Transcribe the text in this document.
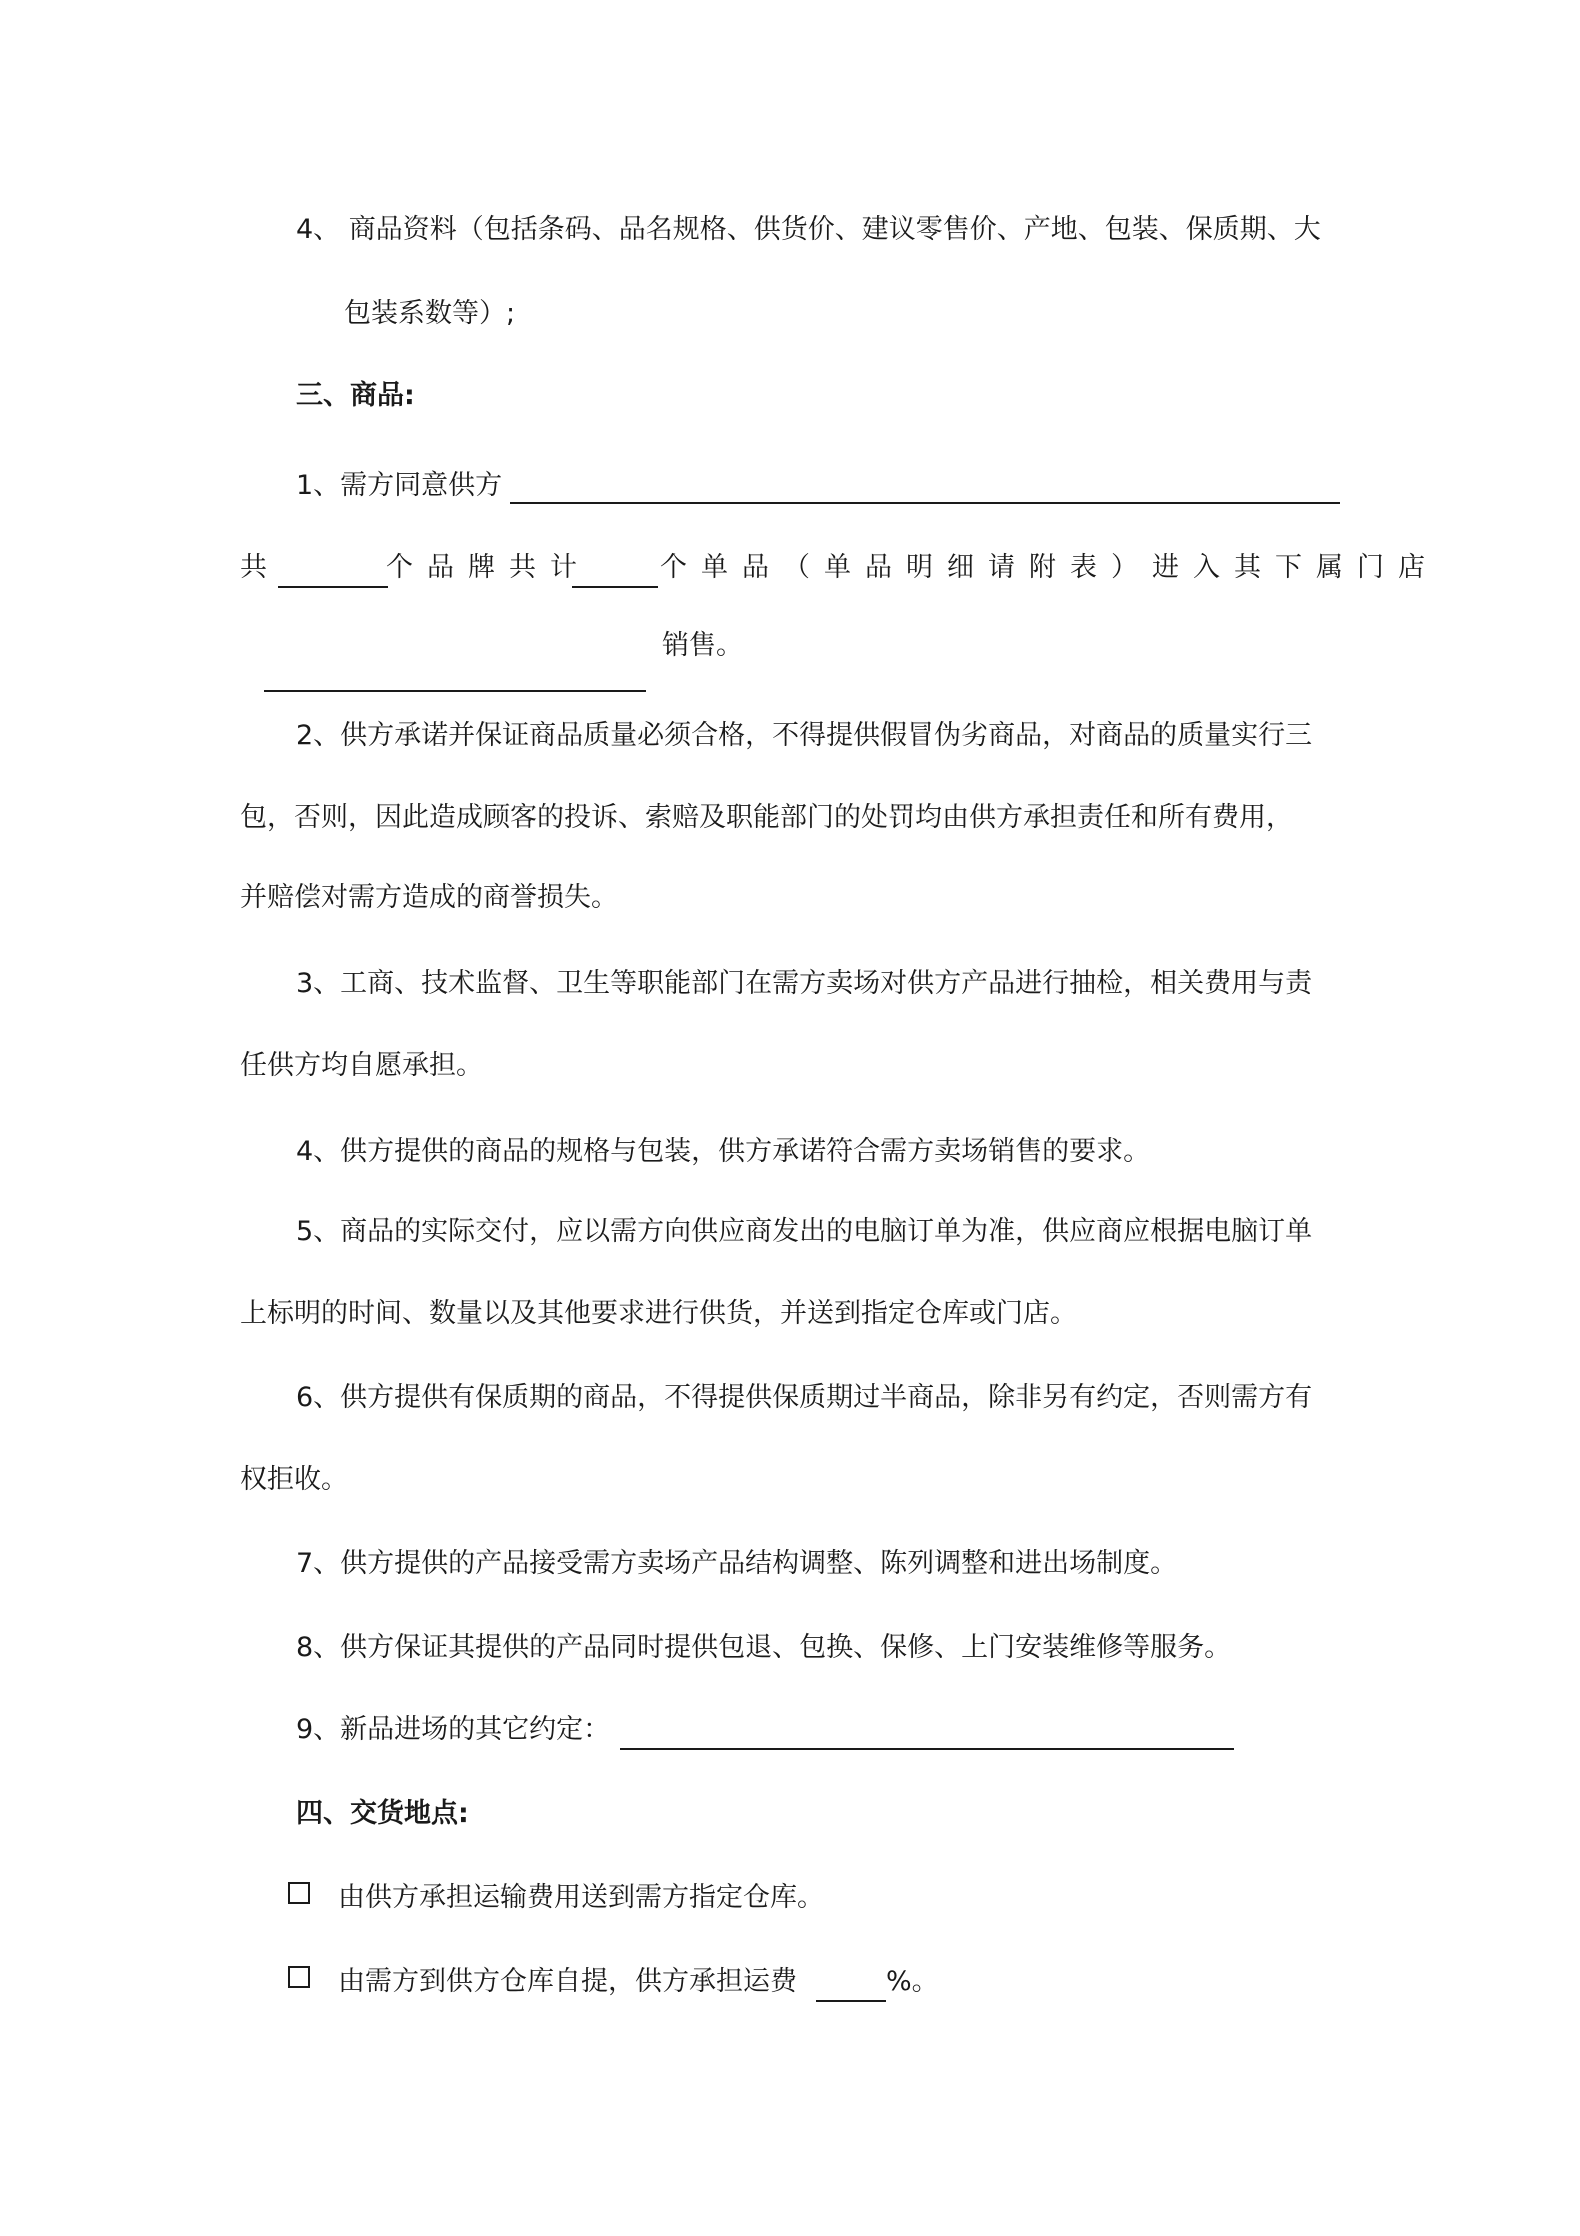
4、 商品资料（包括条码、品名规格、供货价、建议零售价、产地、包装、保质期、大
包装系数等）;
三、商品:
1、需方同意供方
共	个品牌共计	个单品（单品明细请附表）进入其下属门店
销售。
2、供方承诺并保证商品质量必须合格，不得提供假冒伪劣商品，对商品的质量实行三
包，否则，因此造成顾客的投诉、索赔及职能部门的处罚均由供方承担责任和所有费用，
并赔偿对需方造成的商誉损失。
3、工商、技术监督、卫生等职能部门在需方卖场对供方产品进行抽检，相关费用与责
任供方均自愿承担。
4、供方提供的商品的规格与包装，供方承诺符合需方卖场销售的要求。
5、商品的实际交付，应以需方向供应商发出的电脑订单为准，供应商应根据电脑订单
上标明的时间、数量以及其他要求进行供货，并送到指定仓库或门店。
6、供方提供有保质期的商品，不得提供保质期过半商品，除非另有约定，否则需方有
权拒收。
7、供方提供的产品接受需方卖场产品结构调整、陈列调整和进出场制度。
8、供方保证其提供的产品同时提供包退、包换、保修、上门安装维修等服务。
9、新品进场的其它约定：
四、交货地点:
由供方承担运输费用送到需方指定仓库。
由需方到供方仓库自提，供方承担运费	%。
